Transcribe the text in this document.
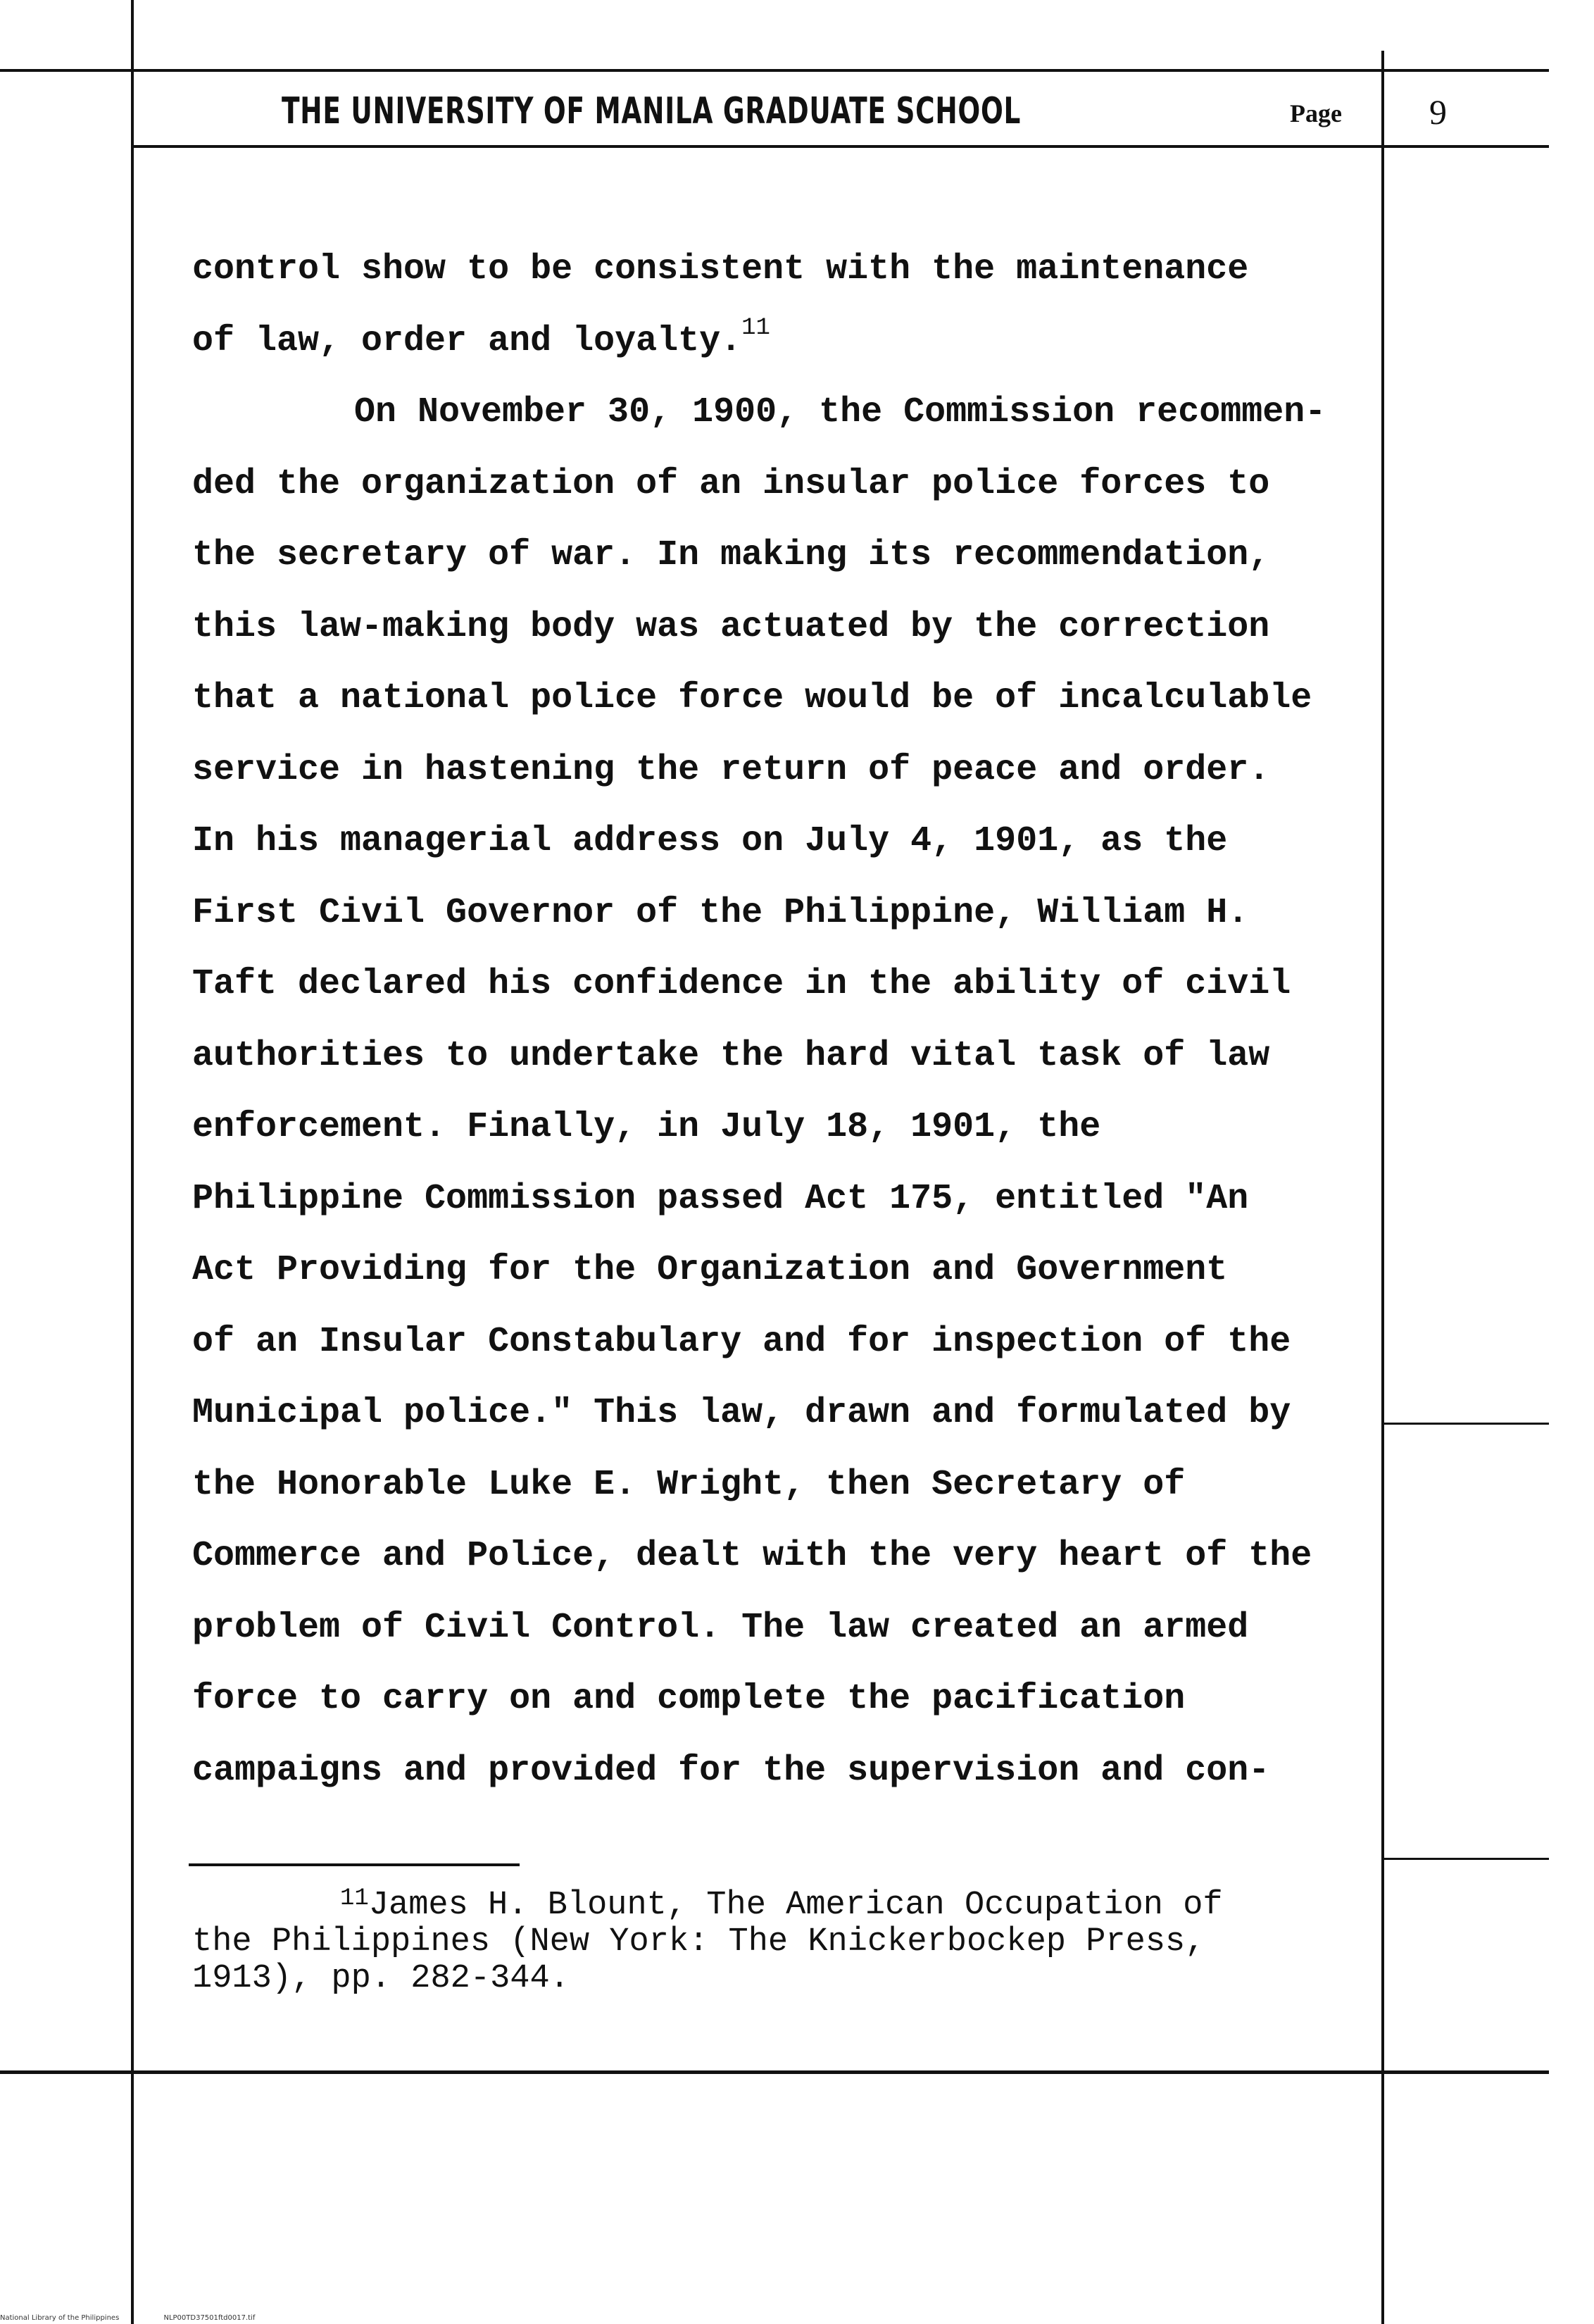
THE UNIVERSITY OF MANILA GRADUATE SCHOOL	Page 9
control show to be consistent with the maintenance
of law, order and loyalty.$^{11}$
On November 30, 1900, the Commission recommen-
ded the organization of an insular police forces to
the secretary of war. In making its recommendation,
this law-making body was actuated by the correction
that a national police force would be of incalculable
service in hastening the return of peace and order.
In his managerial address on July 4, 1901, as the
First Civil Governor of the Philippine, William H.
Taft declared his confidence in the ability of civil
authorities to undertake the hard vital task of law
enforcement. Finally, in July 18, 1901, the
Philippine Commission passed Act 175, entitled "An
Act Providing for the Organization and Government
of an Insular Constabulary and for inspection of the
Municipal police." This law, drawn and formulated by
the Honorable Luke E. Wright, then Secretary of
Commerce and Police, dealt with the very heart of the
problem of Civil Control. The law created an armed
force to carry on and complete the pacification
campaigns and provided for the supervision and con-
$^{11}$James H. Blount, The American Occupation of
the Philippines (New York: The Knickerbockep Press,
1913), pp. 282-344.
National Library of the Philippines	NLP00TD37501ftd0017.tif
